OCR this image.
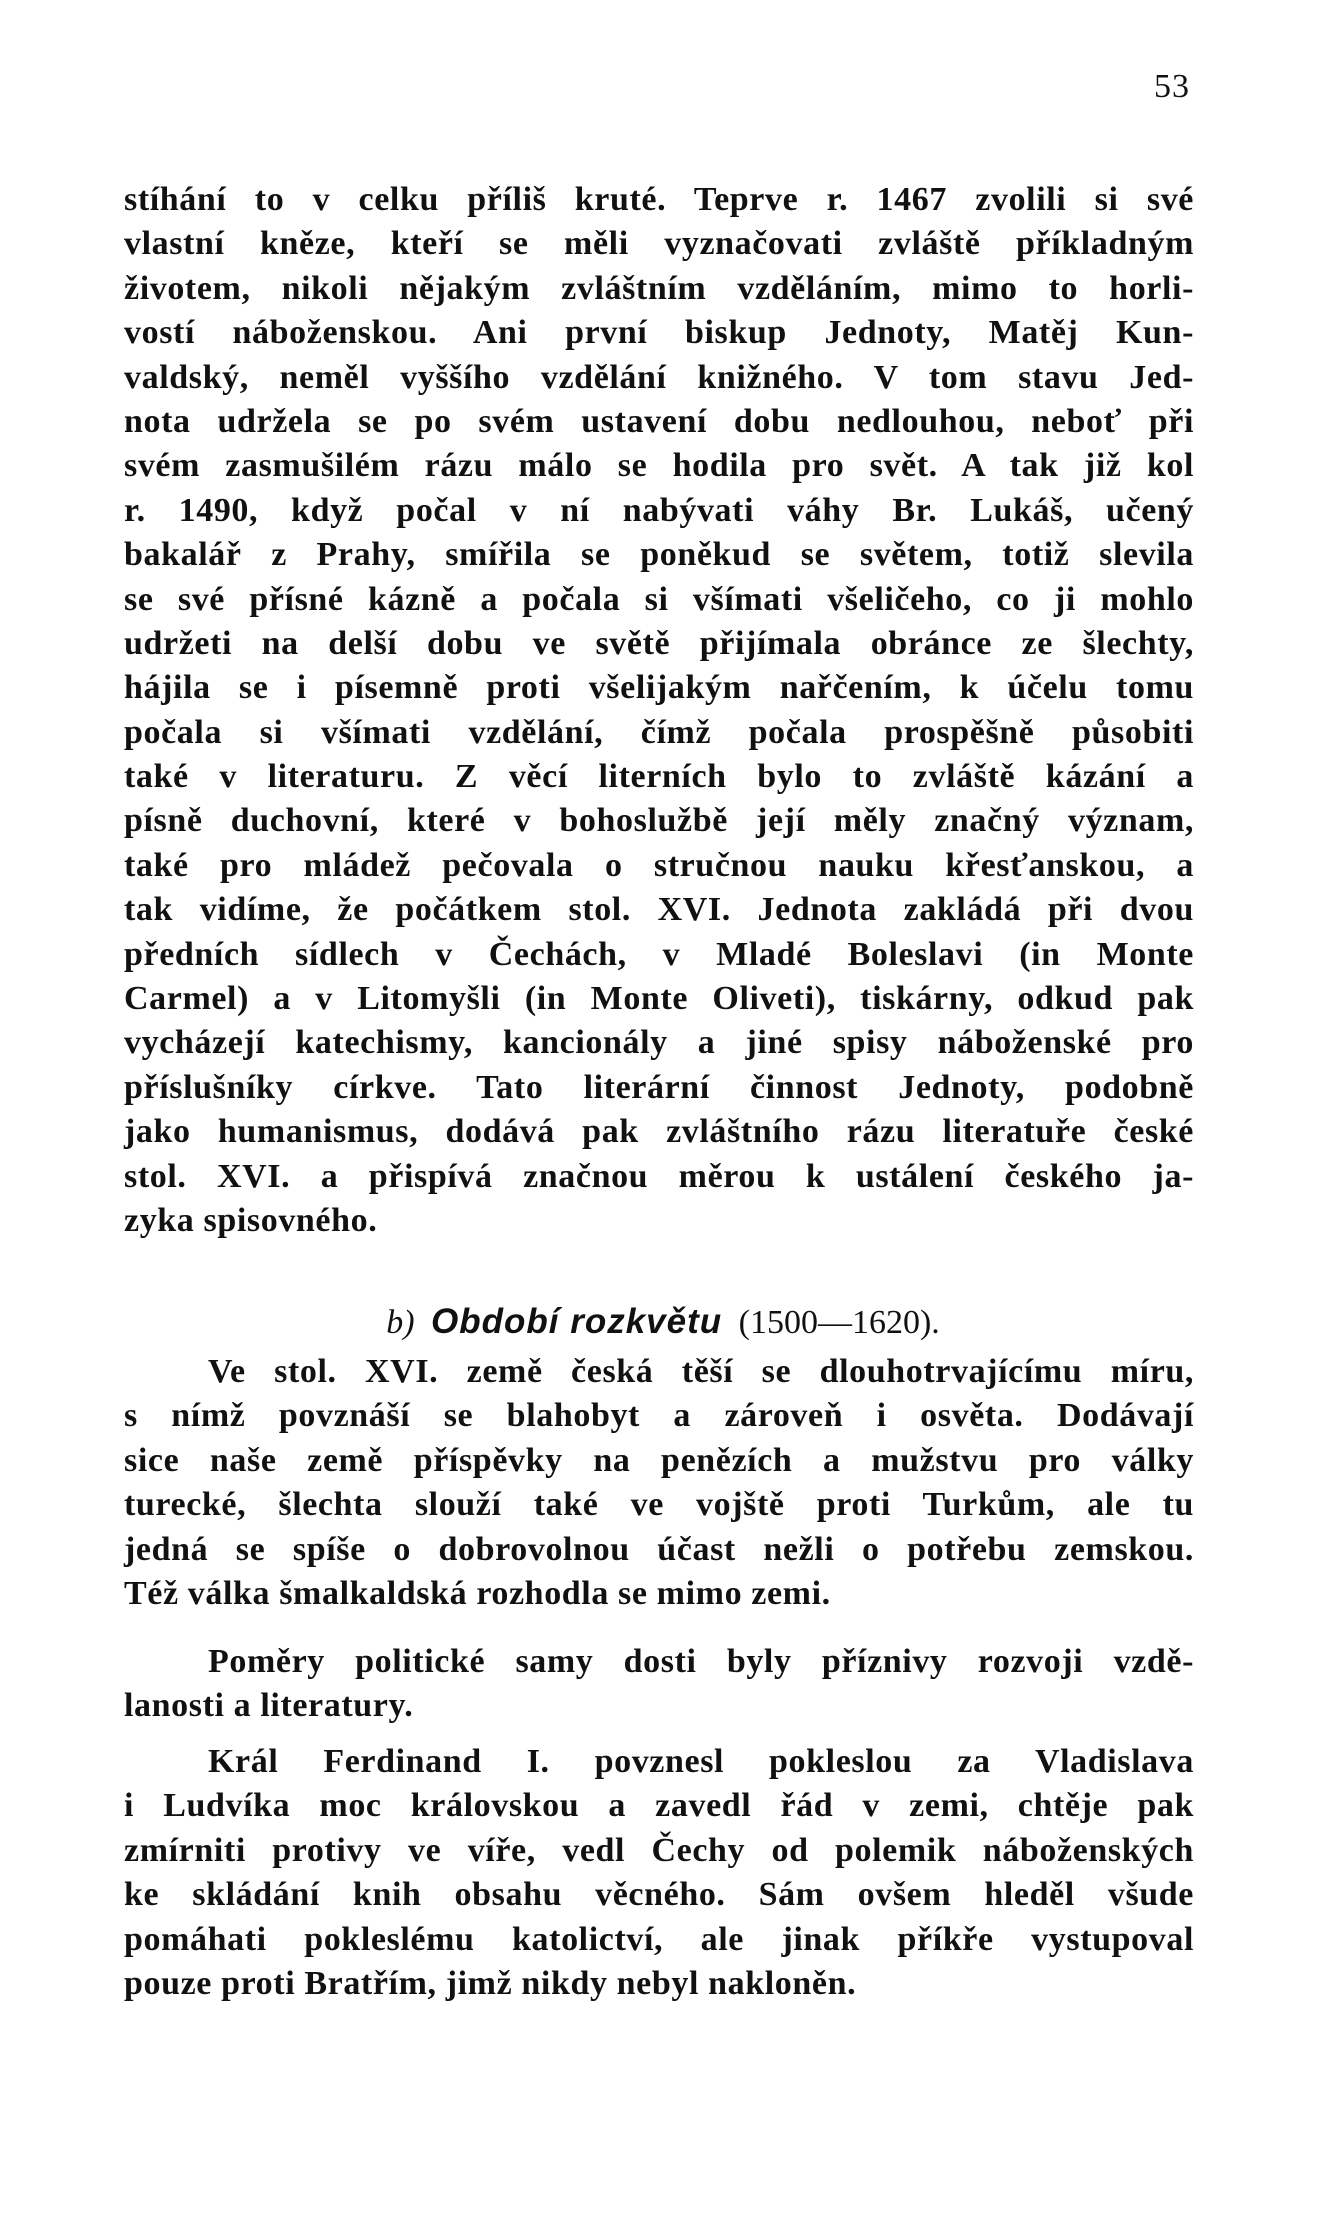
53
stíhání to v celku příliš kruté. Teprve r. 1467 zvolili si své
vlastní kněze, kteří se měli vyznačovati zvláště příkladným
životem, nikoli nějakým zvláštním vzděláním, mimo to horli-
vostí náboženskou. Ani první biskup Jednoty, Matěj Kun-
valdský, neměl vyššího vzdělání knižného. V tom stavu Jed-
nota udržela se po svém ustavení dobu nedlouhou, neboť při
svém zasmušilém rázu málo se hodila pro svět. A tak již kol
r. 1490, když počal v ní nabývati váhy Br. Lukáš, učený
bakalář z Prahy, smířila se poněkud se světem, totiž slevila
se své přísné kázně a počala si všímati všeličeho, co ji mohlo
udržeti na delší dobu ve světě přijímala obránce ze šlechty,
hájila se i písemně proti všelijakým nařčením, k účelu tomu
počala si všímati vzdělání, čímž počala prospěšně působiti
také v literaturu. Z věcí literních bylo to zvláště kázání a
písně duchovní, které v bohoslužbě její měly značný význam,
také pro mládež pečovala o stručnou nauku křesťanskou, a
tak vidíme, že počátkem stol. XVI. Jednota zakládá při dvou
předních sídlech v Čechách, v Mladé Boleslavi (in Monte
Carmel) a v Litomyšli (in Monte Oliveti), tiskárny, odkud pak
vycházejí katechismy, kancionály a jiné spisy náboženské pro
příslušníky církve. Tato literární činnost Jednoty, podobně
jako humanismus, dodává pak zvláštního rázu literatuře české
stol. XVI. a přispívá značnou měrou k ustálení českého ja-
zyka spisovného.
b) Období rozkvětu (1500—1620).
Ve stol. XVI. země česká těší se dlouhotrvajícímu míru,
s nímž povznáší se blahobyt a zároveň i osvěta. Dodávají
sice naše země příspěvky na penězích a mužstvu pro války
turecké, šlechta slouží také ve vojště proti Turkům, ale tu
jedná se spíše o dobrovolnou účast nežli o potřebu zemskou.
Též válka šmalkaldská rozhodla se mimo zemi.
Poměry politické samy dosti byly příznivy rozvoji vzdě-
lanosti a literatury.
Král Ferdinand I. povznesl pokleslou za Vladislava
i Ludvíka moc královskou a zavedl řád v zemi, chtěje pak
zmírniti protivy ve víře, vedl Čechy od polemik náboženských
ke skládání knih obsahu věcného. Sám ovšem hleděl všude
pomáhati pokleslému katolictví, ale jinak příkře vystupoval
pouze proti Bratřím, jimž nikdy nebyl nakloněn.
